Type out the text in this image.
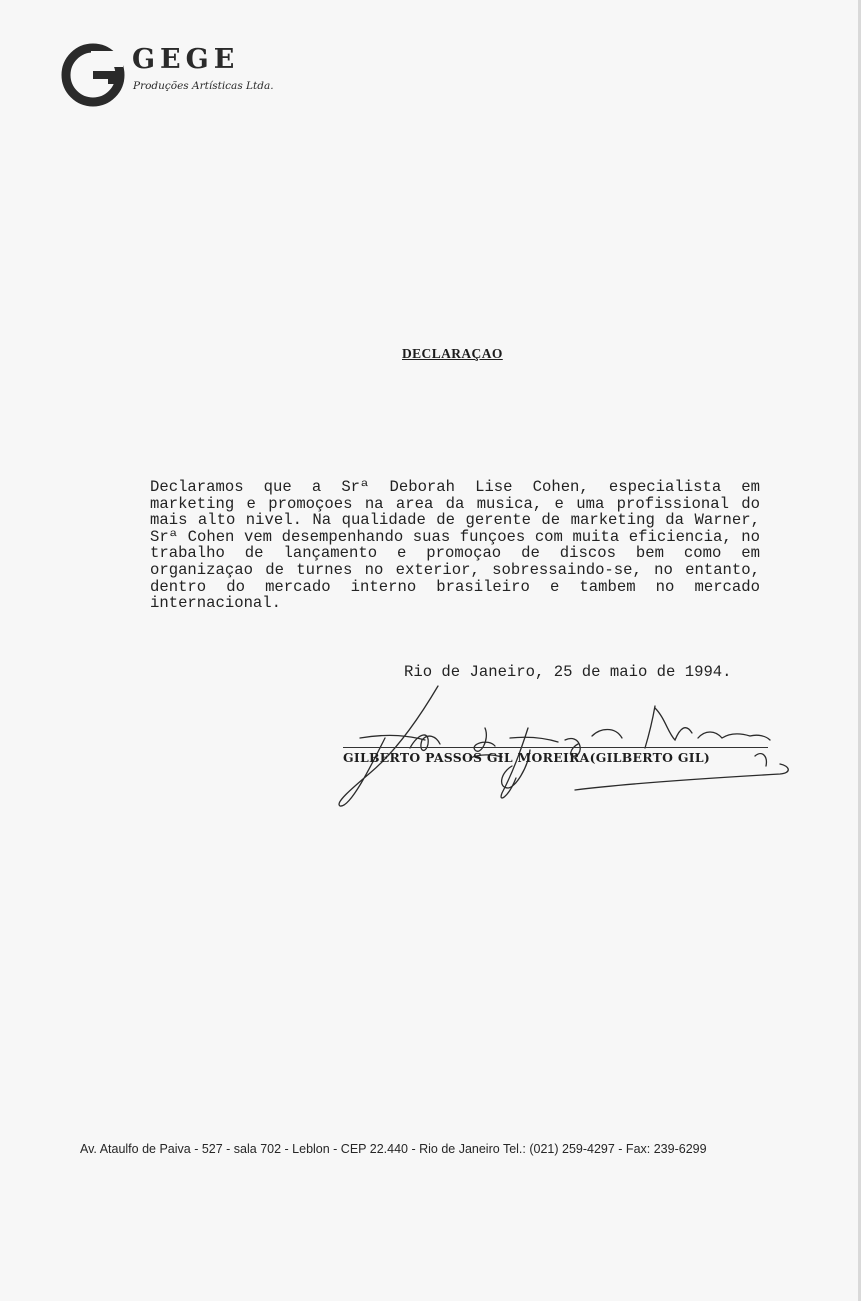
GEGE
Produções Artísticas Ltda.
DECLARAÇAO
Declaramos que a Srª Deborah Lise Cohen, especialista em marketing e promoçoes na area da musica, e uma profissional do mais alto nivel. Na qualidade de gerente de marketing da Warner, Srª Cohen vem desempenhando suas funçoes com muita eficiencia, no trabalho de lançamento e promoçao de discos bem como em organizaçao de turnes no exterior, sobressaindo-se, no entanto, dentro do mercado interno brasileiro e tambem no mercado internacional.
Rio de Janeiro, 25 de maio de 1994.
GILBERTO PASSOS GIL MOREIRA(GILBERTO GIL)
Av. Ataulfo de Paiva - 527 - sala 702 - Leblon - CEP 22.440 - Rio de Janeiro Tel.: (021) 259-4297 - Fax: 239-6299
